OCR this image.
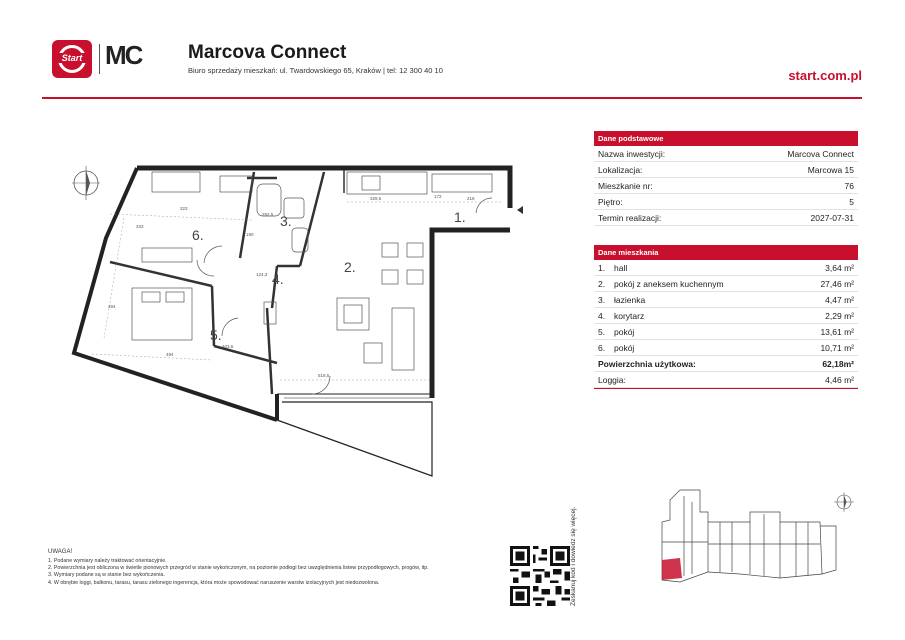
Start MC Marcova Connect
Biuro sprzedaży mieszkań: ul. Twardowskiego 65, Kraków | tel: 12 300 40 10	start.com.pl
1.
2.
3.
4.
5.
6.
323
329,5	216
172
292,5
190
124,3
494
518,5
494
403,5
333
Dane podstawowe
Nazwa inwestycji:	Marcova Connect
Lokalizacja:	Marcowa 15
Mieszkanie nr:	76
Piętro:	5
Termin realizacji:	2027-07-31
Dane mieszkania
1.	hall	3,64 m²
2.	pokój z aneksem kuchennym	27,46 m²
3.	łazienka	4,47 m²
4.	korytarz	2,29 m²
5.	pokój	13,61 m²
6.	pokój	10,71 m²
Powierzchnia użytkowa:	62,18m²
Loggia:	4,46 m²
UWAGA!
1. Podane wymiary należy traktować orientacyjnie.
2. Powierzchnia jest obliczona w świetle pionowych przegród w stanie wykończonym, na poziomie podłogi bez uwzględnienia listew przypodłogowych, progów, itp.
3. Wymiary podane są w stanie bez wykończenia.
4. W obrębie loggi, balkonu, tarasu, tarasu zielonego ingerencja, która może spowodować naruszenie warstw izolacyjnych jest niedozwolona.	Zeskanuj kod i dowiedz się więcej.
